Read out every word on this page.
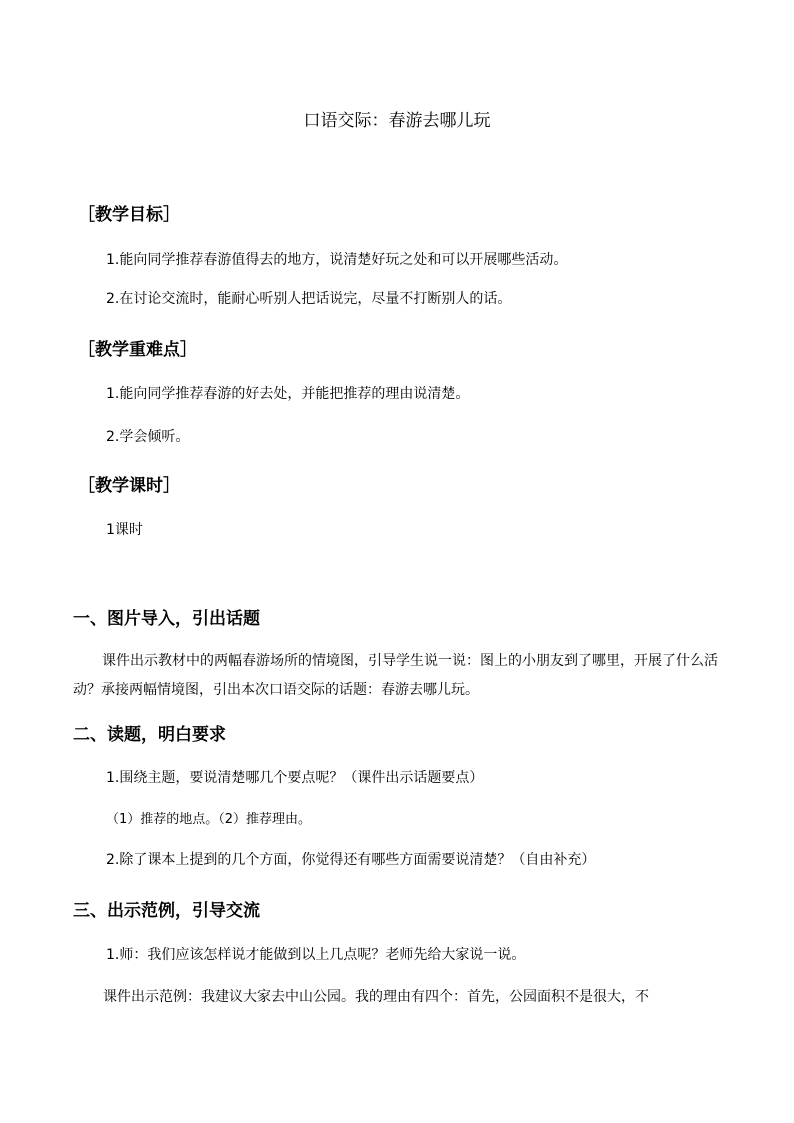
口语交际：春游去哪儿玩
［教学目标］
1.能向同学推荐春游值得去的地方，说清楚好玩之处和可以开展哪些活动。
2.在讨论交流时，能耐心听别人把话说完，尽量不打断别人的话。
［教学重难点］
1.能向同学推荐春游的好去处，并能把推荐的理由说清楚。
2.学会倾听。
［教学课时］
1课时
一、图片导入，引出话题
课件出示教材中的两幅春游场所的情境图，引导学生说一说：图上的小朋友到了哪里，开展了什么活动？承接两幅情境图，引出本次口语交际的话题：春游去哪儿玩。
二、读题，明白要求
1.围绕主题，要说清楚哪几个要点呢？（课件出示话题要点）
（1）推荐的地点。（2）推荐理由。
2.除了课本上提到的几个方面，你觉得还有哪些方面需要说清楚？（自由补充）
三、出示范例，引导交流
1.师：我们应该怎样说才能做到以上几点呢？老师先给大家说一说。
课件出示范例：我建议大家去中山公园。我的理由有四个：首先，公园面积不是很大，不
